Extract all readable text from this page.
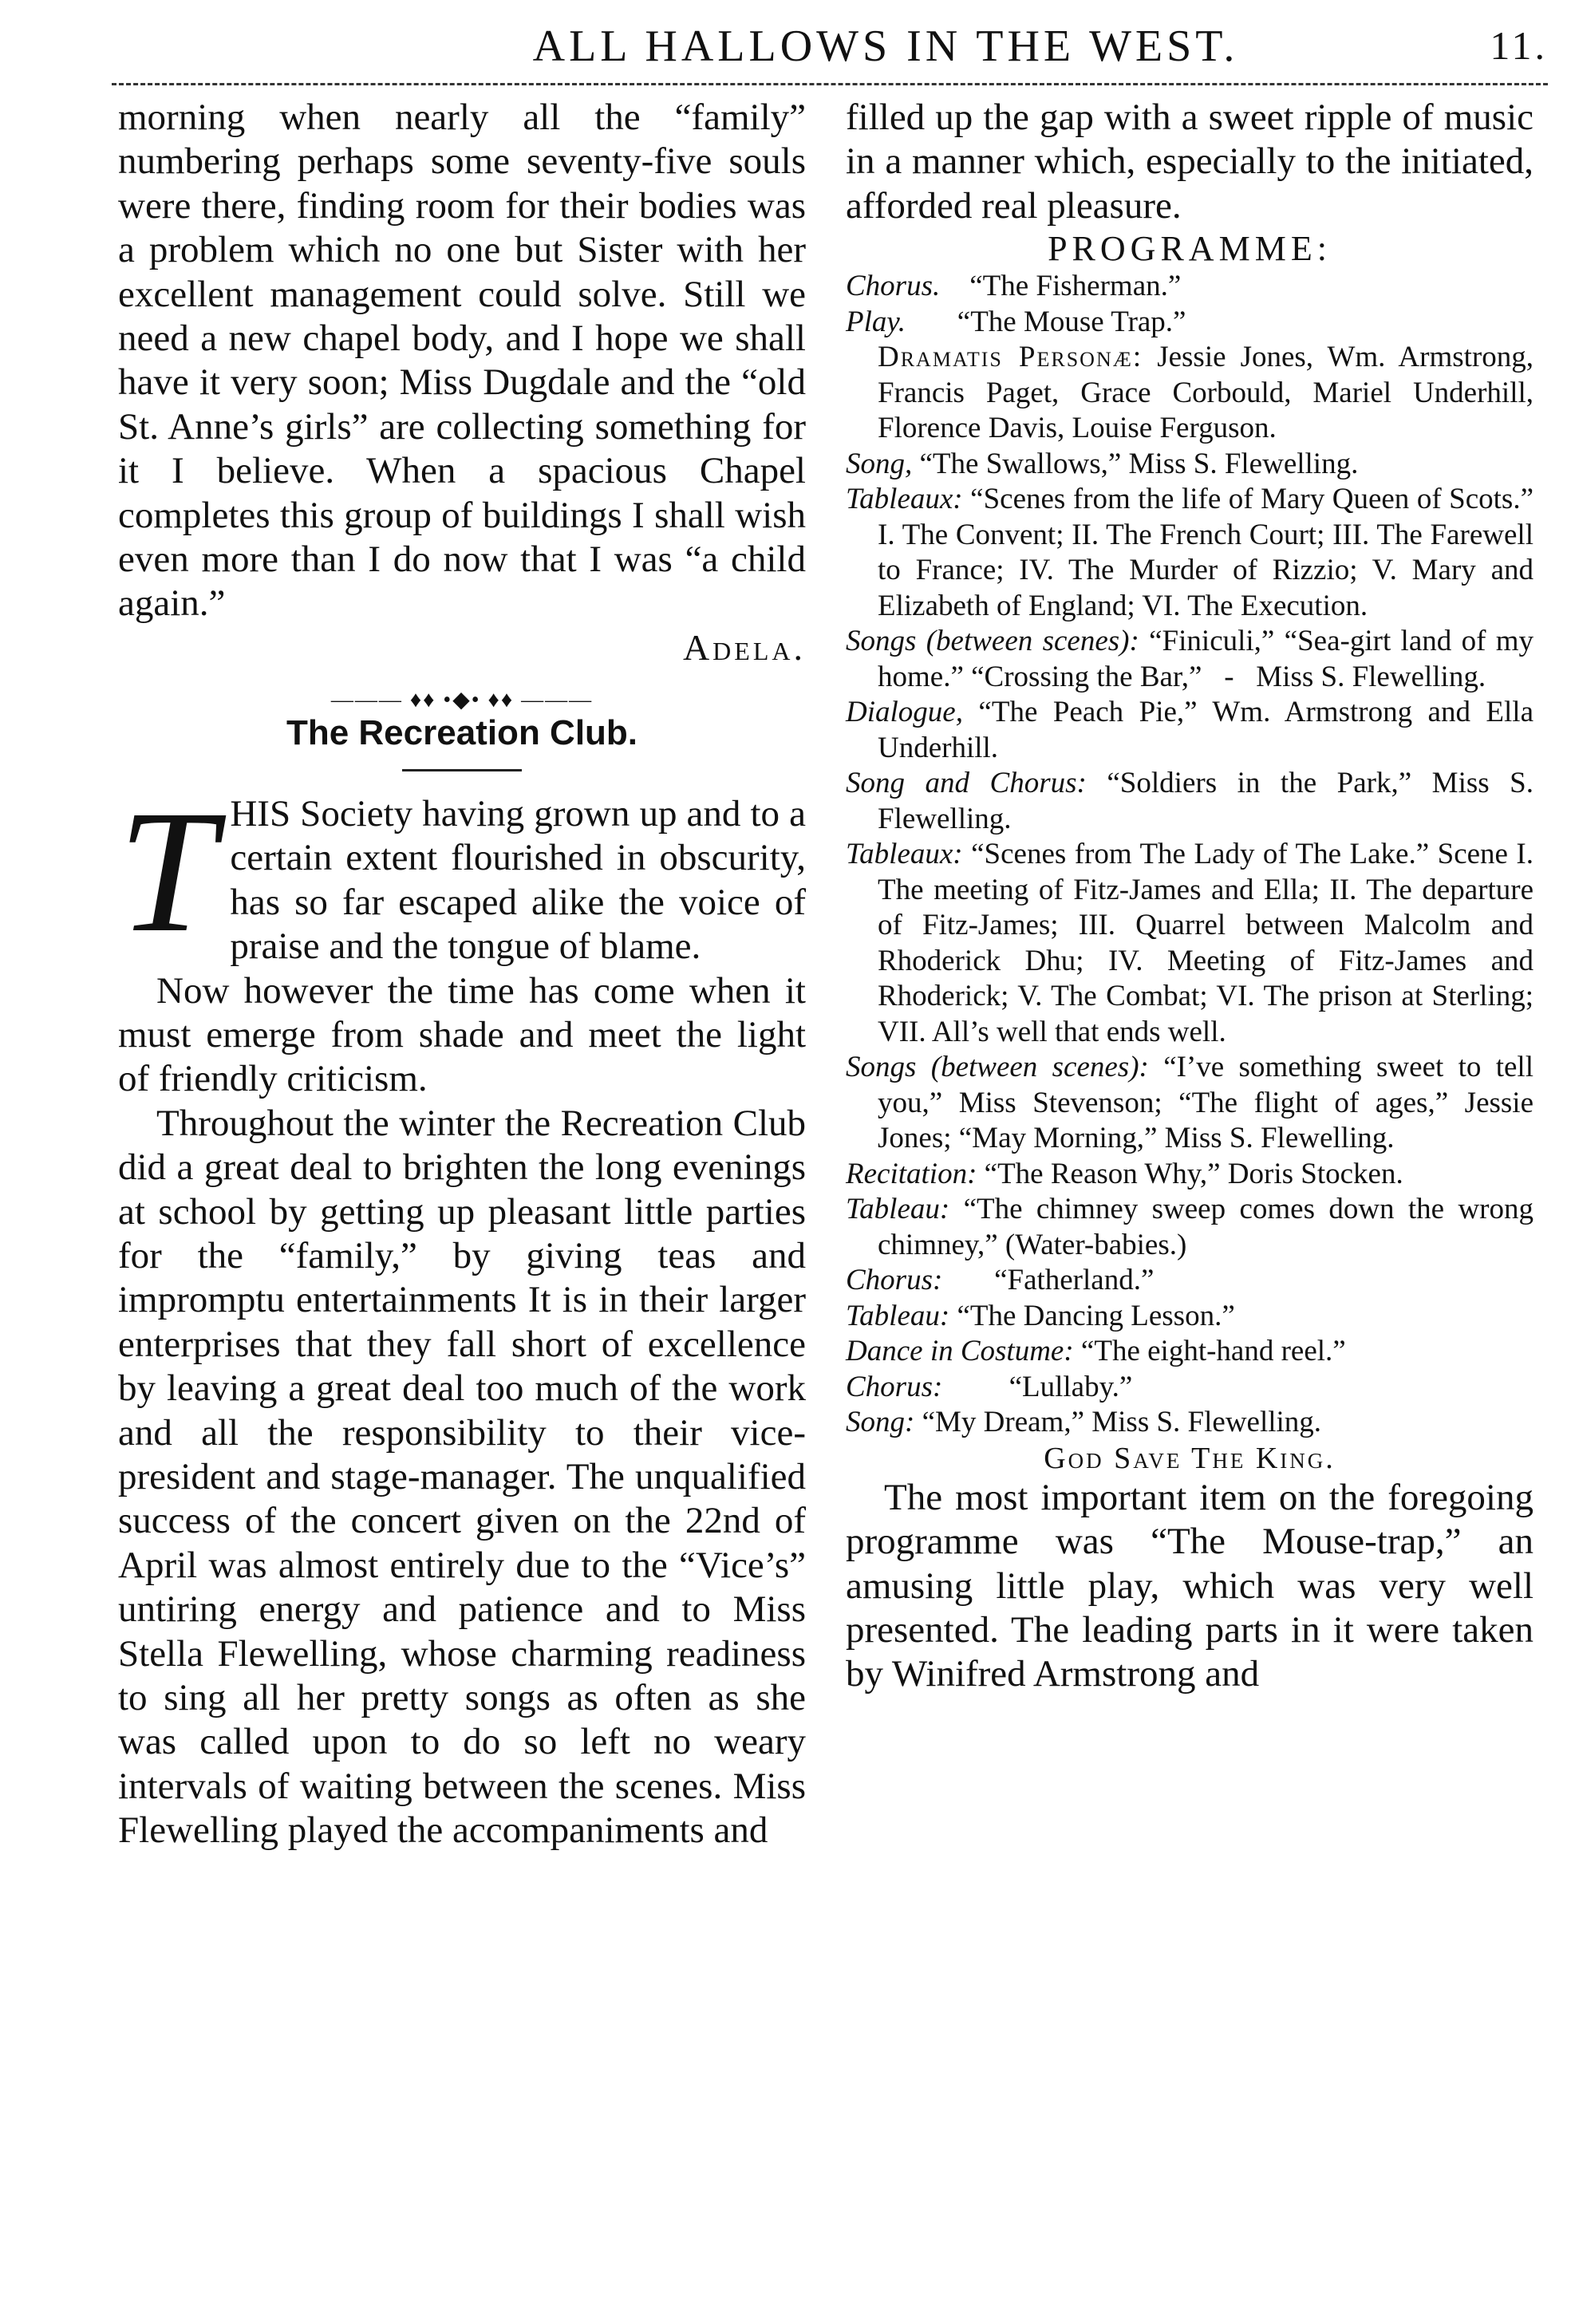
ALL HALLOWS IN THE WEST.	11.

morning when nearly all the “family” numbering perhaps some seventy-five souls were there, finding room for their bodies was a problem which no one but Sister with her excellent management could solve. Still we need a new chapel body, and I hope we shall have it very soon; Miss Dugdale and the “old St. Anne’s girls” are collecting something for it I believe. When a spacious Chapel completes this group of buildings I shall wish even more than I do now that I was “a child again.”

Adela.

——— ♦♦ •◆• ♦♦ ———

The Recreation Club.

THIS Society having grown up and to a certain extent flourished in obscurity, has so far escaped alike the voice of praise and the tongue of blame.

Now however the time has come when it must emerge from shade and meet the light of friendly criticism.

Throughout the winter the Recreation Club did a great deal to brighten the long evenings at school by getting up pleasant little parties for the “family,” by giving teas and impromptu entertainments It is in their larger enterprises that they fall short of excellence by leaving a great deal too much of the work and all the responsibility to their vice-president and stage-manager. The unqualified success of the concert given on the 22nd of April was almost entirely due to the “Vice’s” untiring energy and patience and to Miss Stella Flewelling, whose charming readiness to sing all her pretty songs as often as she was called upon to do so left no weary intervals of waiting between the scenes. Miss Flewelling played the accompaniments and

filled up the gap with a sweet ripple of music in a manner which, especially to the initiated, afforded real pleasure.

PROGRAMME:

Chorus.    “The Fisherman.”

Play.       “The Mouse Trap.”

Dramatis Personæ: Jessie Jones, Wm. Armstrong, Francis Paget, Grace Corbould, Mariel Underhill, Florence Davis, Louise Ferguson.

Song, “The Swallows,” Miss S. Flewelling.

Tableaux: “Scenes from the life of Mary Queen of Scots.” I. The Convent; II. The French Court; III. The Farewell to France; IV. The Murder of Rizzio; V. Mary and Elizabeth of England; VI. The Execution.

Songs (between scenes): “Finiculi,” “Sea-girt land of my home.” “Crossing the Bar,”   -   Miss S. Flewelling.

Dialogue, “The Peach Pie,” Wm. Armstrong and Ella Underhill.

Song and Chorus: “Soldiers in the Park,” Miss S. Flewelling.

Tableaux: “Scenes from The Lady of The Lake.” Scene I. The meeting of Fitz-James and Ella; II. The departure of Fitz-James; III. Quarrel between Malcolm and Rhoderick Dhu; IV. Meeting of Fitz-James and Rhoderick; V. The Combat; VI. The prison at Sterling; VII. All’s well that ends well.

Songs (between scenes): “I’ve something sweet to tell you,” Miss Stevenson; “The flight of ages,” Jessie Jones; “May Morning,” Miss S. Flewelling.

Recitation: “The Reason Why,” Doris Stocken.

Tableau: “The chimney sweep comes down the wrong chimney,” (Water-babies.)

Chorus:       “Fatherland.”

Tableau: “The Dancing Lesson.”

Dance in Costume: “The eight-hand reel.”

Chorus:         “Lullaby.”

Song: “My Dream,” Miss S. Flewelling.

God Save The King.

The most important item on the foregoing programme was “The Mouse-trap,” an amusing little play, which was very well presented. The leading parts in it were taken by Winifred Armstrong and
